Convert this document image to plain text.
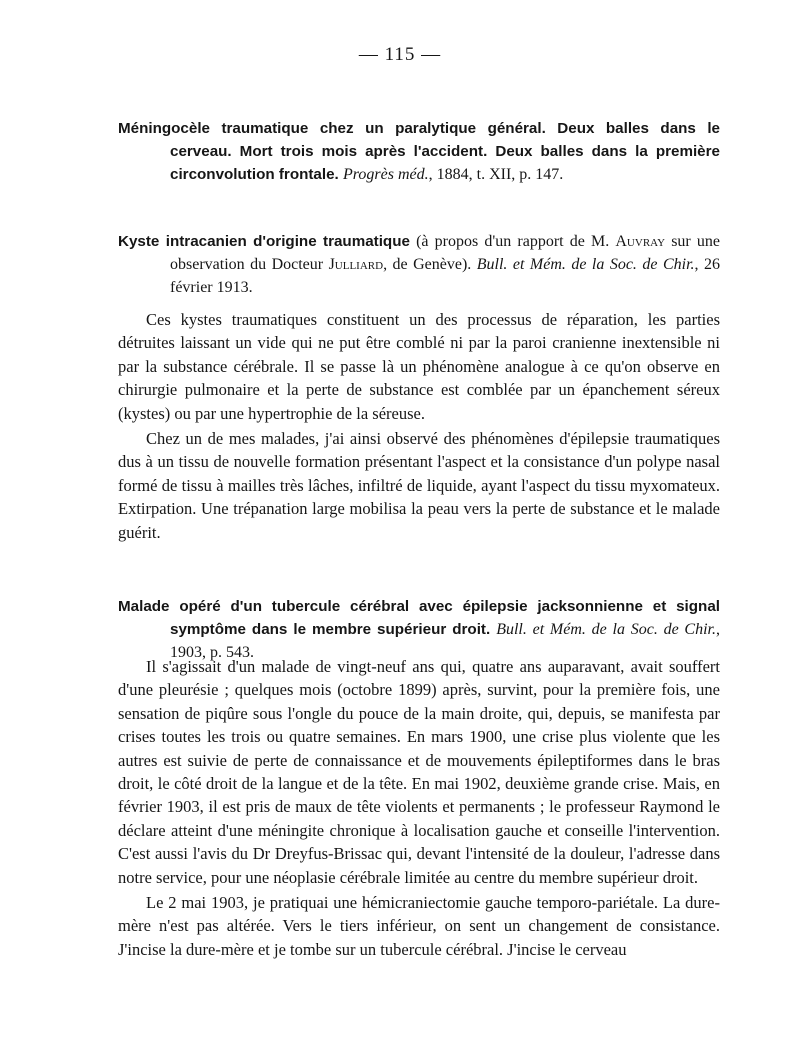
— 115 —

Méningocèle traumatique chez un paralytique général. Deux balles dans le cerveau. Mort trois mois après l'accident. Deux balles dans la première circonvolution frontale. Progrès méd., 1884, t. XII, p. 147.

Kyste intracanien d'origine traumatique (à propos d'un rapport de M. Auvray sur une observation du Docteur Julliard, de Genève). Bull. et Mém. de la Soc. de Chir., 26 février 1913.

Ces kystes traumatiques constituent un des processus de réparation, les parties détruites laissant un vide qui ne put être comblé ni par la paroi cranienne inextensible ni par la substance cérébrale. Il se passe là un phénomène analogue à ce qu'on observe en chirurgie pulmonaire et la perte de substance est comblée par un épanchement séreux (kystes) ou par une hypertrophie de la séreuse.

Chez un de mes malades, j'ai ainsi observé des phénomènes d'épilepsie traumatiques dus à un tissu de nouvelle formation présentant l'aspect et la consistance d'un polype nasal formé de tissu à mailles très lâches, infiltré de liquide, ayant l'aspect du tissu myxomateux. Extirpation. Une trépanation large mobilisa la peau vers la perte de substance et le malade guérit.

Malade opéré d'un tubercule cérébral avec épilepsie jacksonnienne et signal symptôme dans le membre supérieur droit. Bull. et Mém. de la Soc. de Chir., 1903, p. 543.

Il s'agissait d'un malade de vingt-neuf ans qui, quatre ans auparavant, avait souffert d'une pleurésie ; quelques mois (octobre 1899) après, survint, pour la première fois, une sensation de piqûre sous l'ongle du pouce de la main droite, qui, depuis, se manifesta par crises toutes les trois ou quatre semaines. En mars 1900, une crise plus violente que les autres est suivie de perte de connaissance et de mouvements épileptiformes dans le bras droit, le côté droit de la langue et de la tête. En mai 1902, deuxième grande crise. Mais, en février 1903, il est pris de maux de tête violents et permanents ; le professeur Raymond le déclare atteint d'une méningite chronique à localisation gauche et conseille l'intervention. C'est aussi l'avis du Dr Dreyfus-Brissac qui, devant l'intensité de la douleur, l'adresse dans notre service, pour une néoplasie cérébrale limitée au centre du membre supérieur droit.

Le 2 mai 1903, je pratiquai une hémicraniectomie gauche temporo-pariétale. La dure-mère n'est pas altérée. Vers le tiers inférieur, on sent un changement de consistance. J'incise la dure-mère et je tombe sur un tubercule cérébral. J'incise le cerveau
